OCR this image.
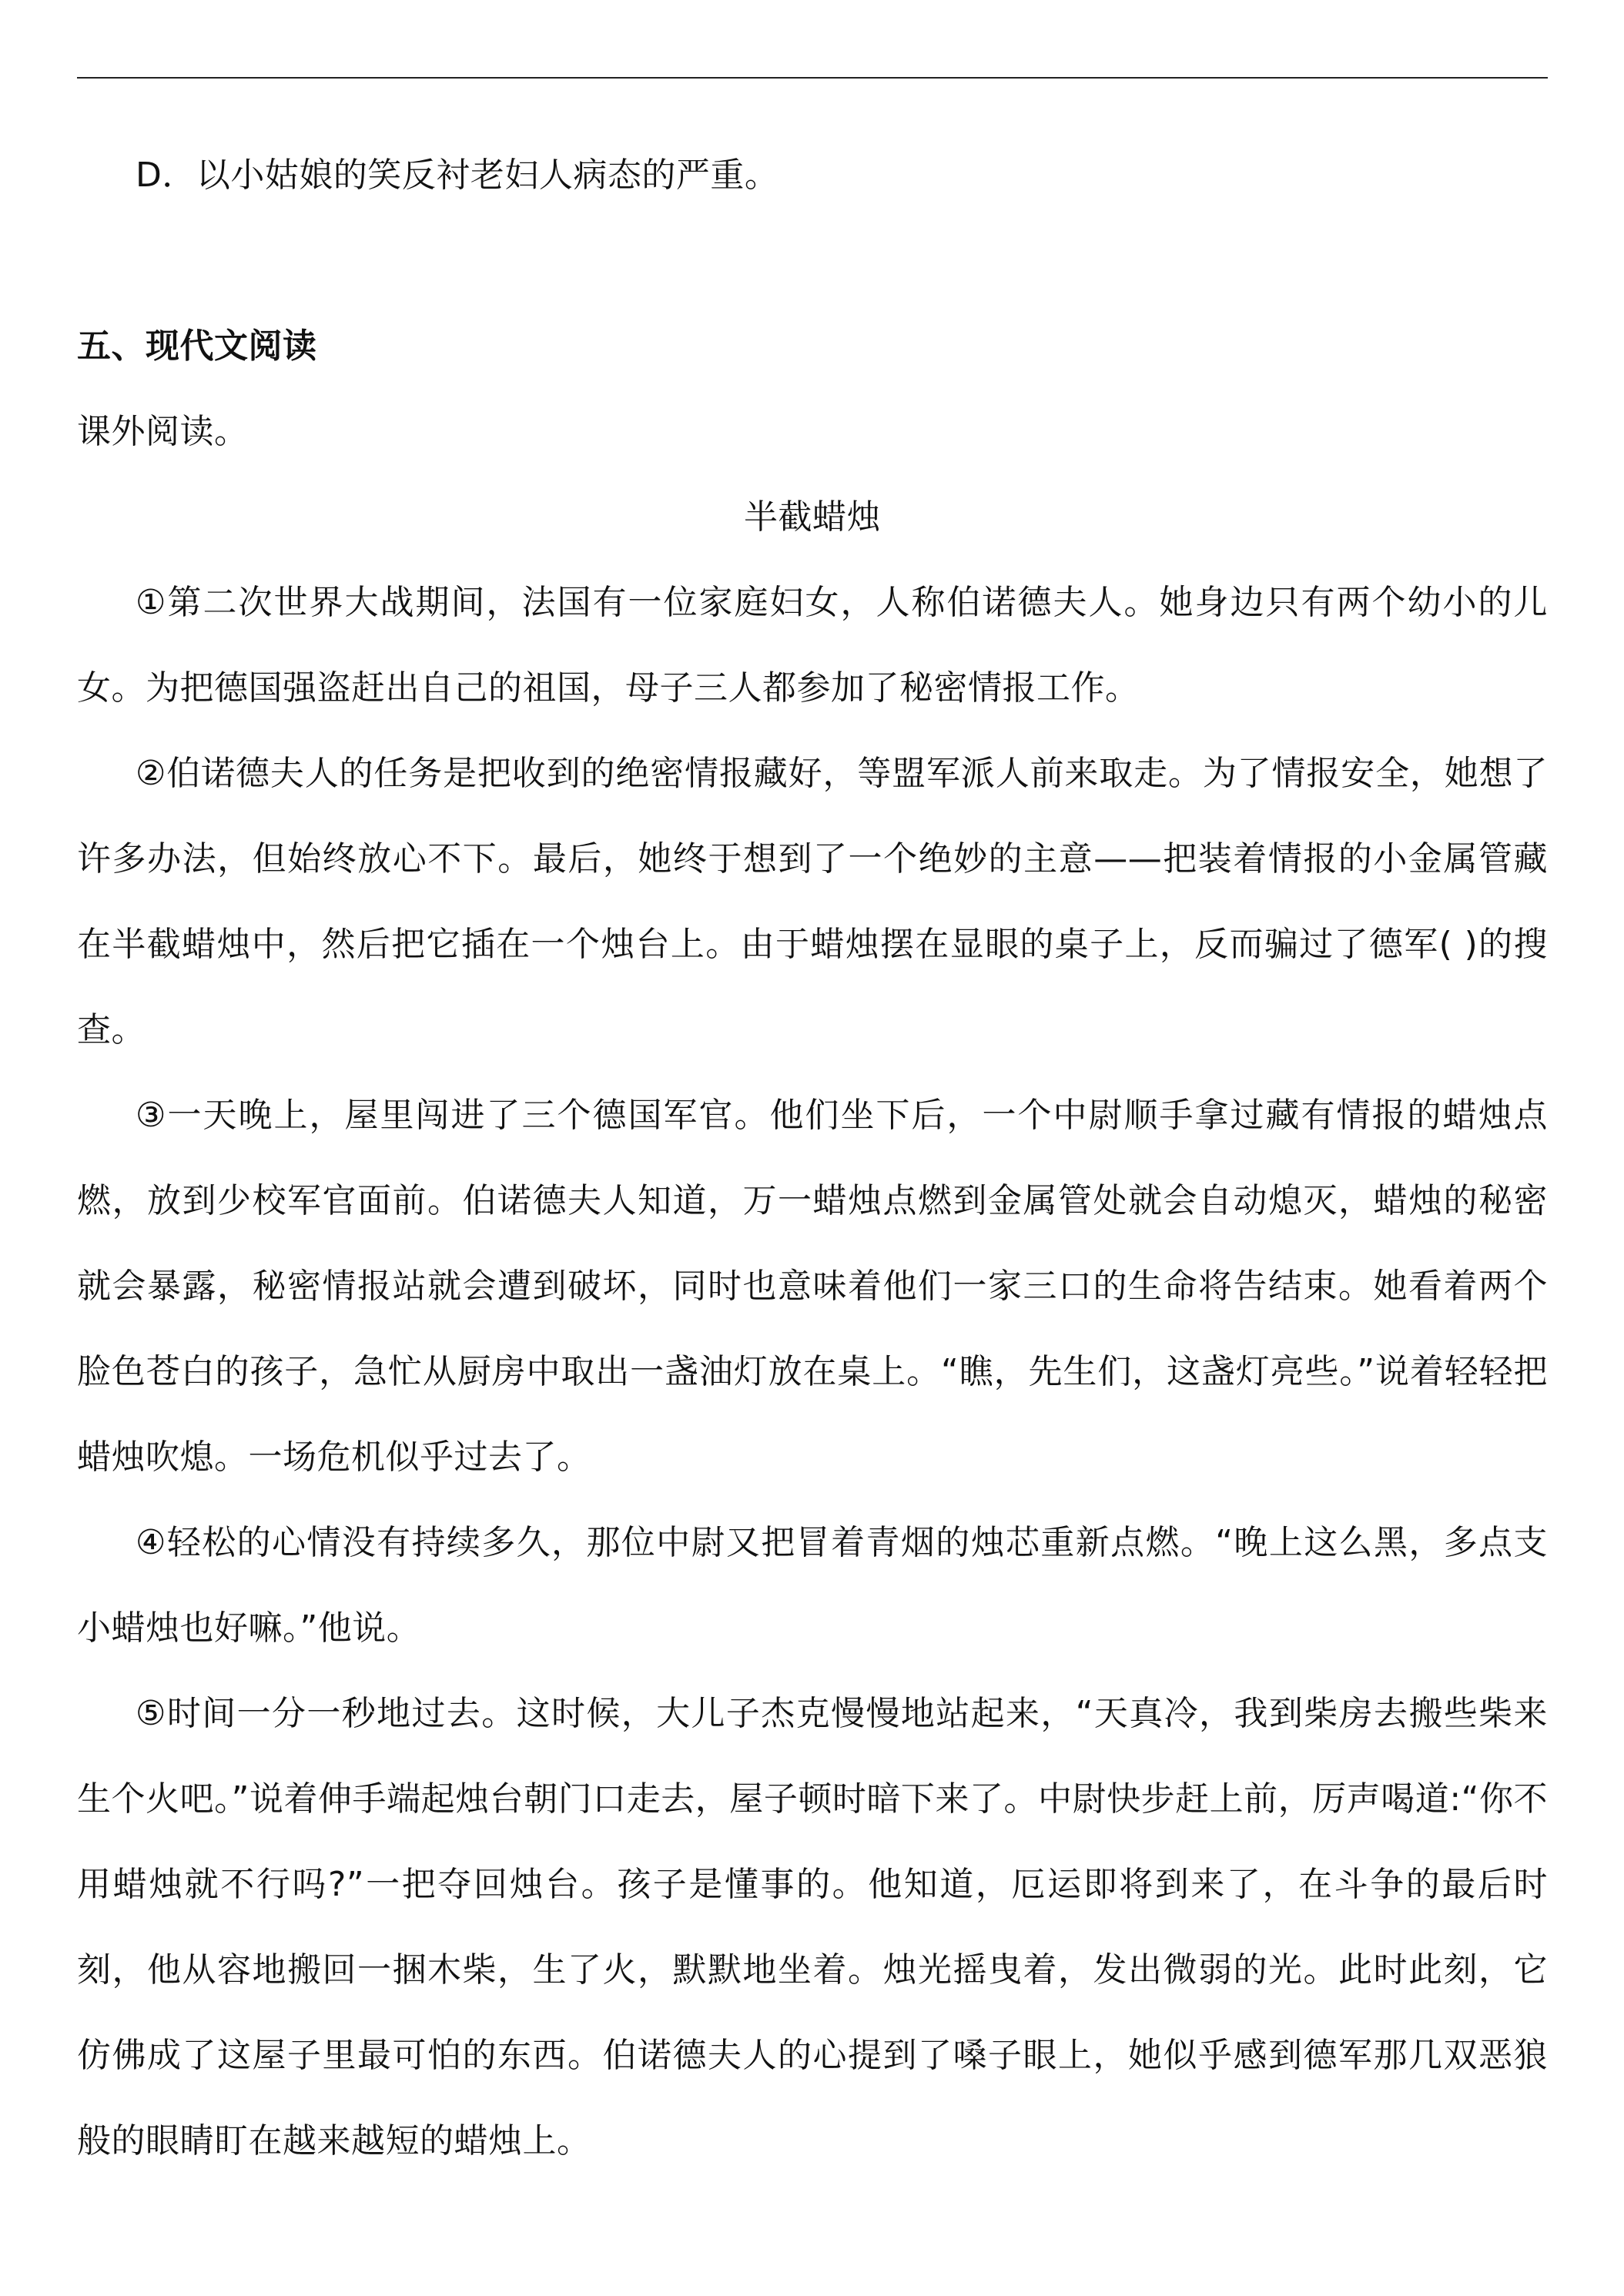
D．以小姑娘的笑反衬老妇人病态的严重。

五、现代文阅读

课外阅读。

半截蜡烛

①第二次世界大战期间，法国有一位家庭妇女，人称伯诺德夫人。她身边只有两个幼小的儿女。为把德国强盗赶出自己的祖国，母子三人都参加了秘密情报工作。

②伯诺德夫人的任务是把收到的绝密情报藏好，等盟军派人前来取走。为了情报安全，她想了许多办法，但始终放心不下。最后，她终于想到了一个绝妙的主意——把装着情报的小金属管藏在半截蜡烛中，然后把它插在一个烛台上。由于蜡烛摆在显眼的桌子上，反而骗过了德军( )的搜查。

③一天晚上，屋里闯进了三个德国军官。他们坐下后，一个中尉顺手拿过藏有情报的蜡烛点燃，放到少校军官面前。伯诺德夫人知道，万一蜡烛点燃到金属管处就会自动熄灭，蜡烛的秘密就会暴露，秘密情报站就会遭到破坏，同时也意味着他们一家三口的生命将告结束。她看着两个脸色苍白的孩子，急忙从厨房中取出一盏油灯放在桌上。“瞧，先生们，这盏灯亮些。”说着轻轻把蜡烛吹熄。一场危机似乎过去了。

④轻松的心情没有持续多久，那位中尉又把冒着青烟的烛芯重新点燃。“晚上这么黑，多点支小蜡烛也好嘛。”他说。

⑤时间一分一秒地过去。这时候，大儿子杰克慢慢地站起来，“天真冷，我到柴房去搬些柴来生个火吧。”说着伸手端起烛台朝门口走去，屋子顿时暗下来了。中尉快步赶上前，厉声喝道:“你不用蜡烛就不行吗?”一把夺回烛台。孩子是懂事的。他知道，厄运即将到来了，在斗争的最后时刻，他从容地搬回一捆木柴，生了火，默默地坐着。烛光摇曳着，发出微弱的光。此时此刻，它仿佛成了这屋子里最可怕的东西。伯诺德夫人的心提到了嗓子眼上，她似乎感到德军那几双恶狼般的眼睛盯在越来越短的蜡烛上。
